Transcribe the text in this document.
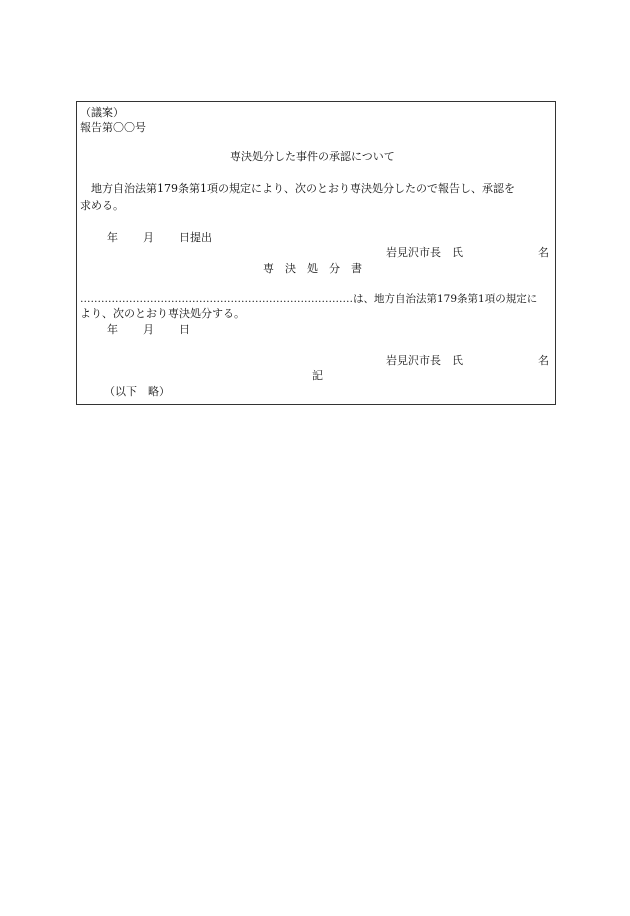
（議案）
報告第〇〇号
専決処分した事件の承認について
　地方自治法第179条第1項の規定により、次のとおり専決処分したので報告し、承認を
求める。
年 月 日提出
岩見沢市長　氏	名
専　決　処　分　書
……………………………………………………………………は、地方自治法第179条第1項の規定に
より、次のとおり専決処分する。
年 月 日
岩見沢市長　氏	名
記
（以下　略）
